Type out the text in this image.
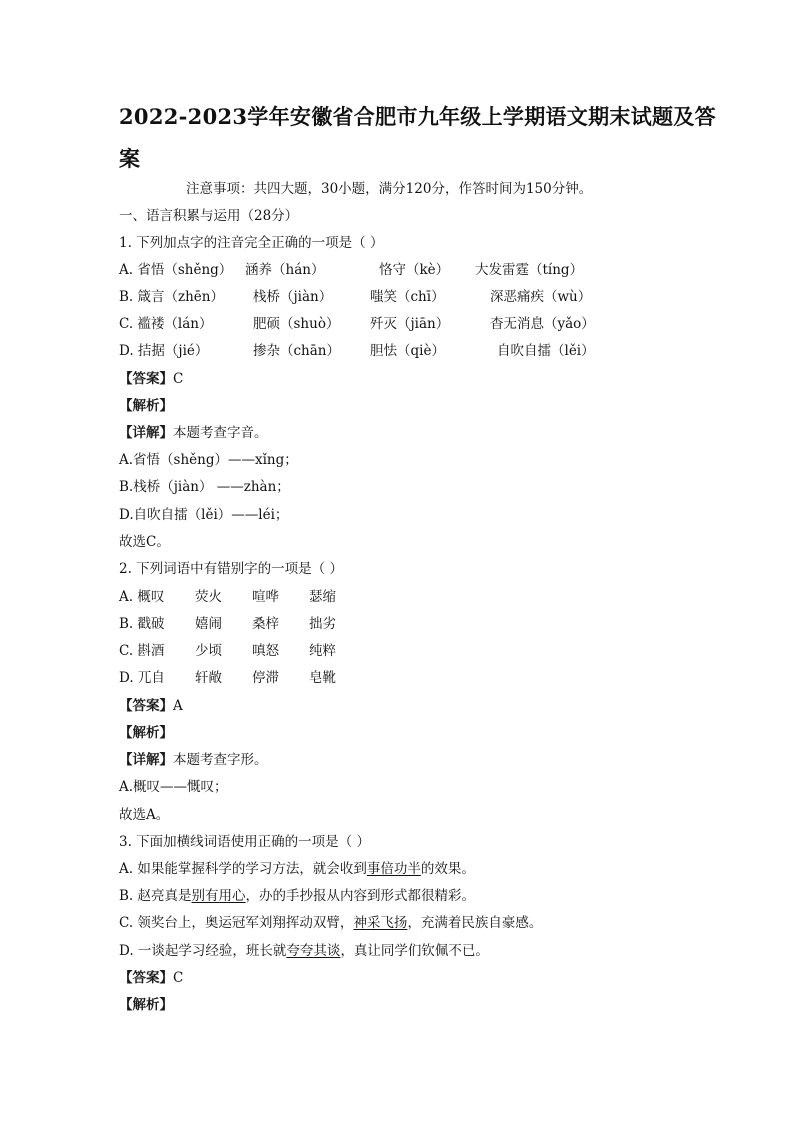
2022-2023学年安徽省合肥市九年级上学期语文期末试题及答案
注意事项：共四大题，30小题，满分120分，作答时间为150分钟。
一、语言积累与运用（28分）
1. 下列加点字的注音完全正确的一项是（ ）
A. 省悟（shěng） 涵养（hán）	恪守（kè） 大发雷霆（tíng）
B. 箴言（zhēn） 栈桥（jiàn）	嗤笑（chī）	深恶痛疾（wù）
C. 褴褛（lán）	肥硕（shuò） 歼灭（jiān）	杳无消息（yǎo）
D. 拮据（jié）	掺杂（chān） 胆怯（qiè）	自吹自擂（lěi）
【答案】C
【解析】
【详解】本题考查字音。
A.省悟（shěng）——xǐng；
B.栈桥（jiàn） ——zhàn；
D.自吹自擂（lěi）——léi；
故选C。
2. 下列词语中有错别字的一项是（ ）
A. 概叹 荧火 喧哗 瑟缩
B. 戳破 嬉闹 桑梓 拙劣
C. 斟酒 少顷 嗔怒 纯粹
D. 兀自 轩敞 停滞 皂靴
【答案】A
【解析】
【详解】本题考查字形。
A.概叹——慨叹；
故选A。
3. 下面加横线词语使用正确的一项是（ ）
A. 如果能掌握科学的学习方法，就会收到事倍功半的效果。
B. 赵亮真是别有用心，办的手抄报从内容到形式都很精彩。
C. 领奖台上，奥运冠军刘翔挥动双臂，神采飞扬，充满着民族自豪感。
D. 一谈起学习经验，班长就夸夸其谈，真让同学们钦佩不已。
【答案】C
【解析】
